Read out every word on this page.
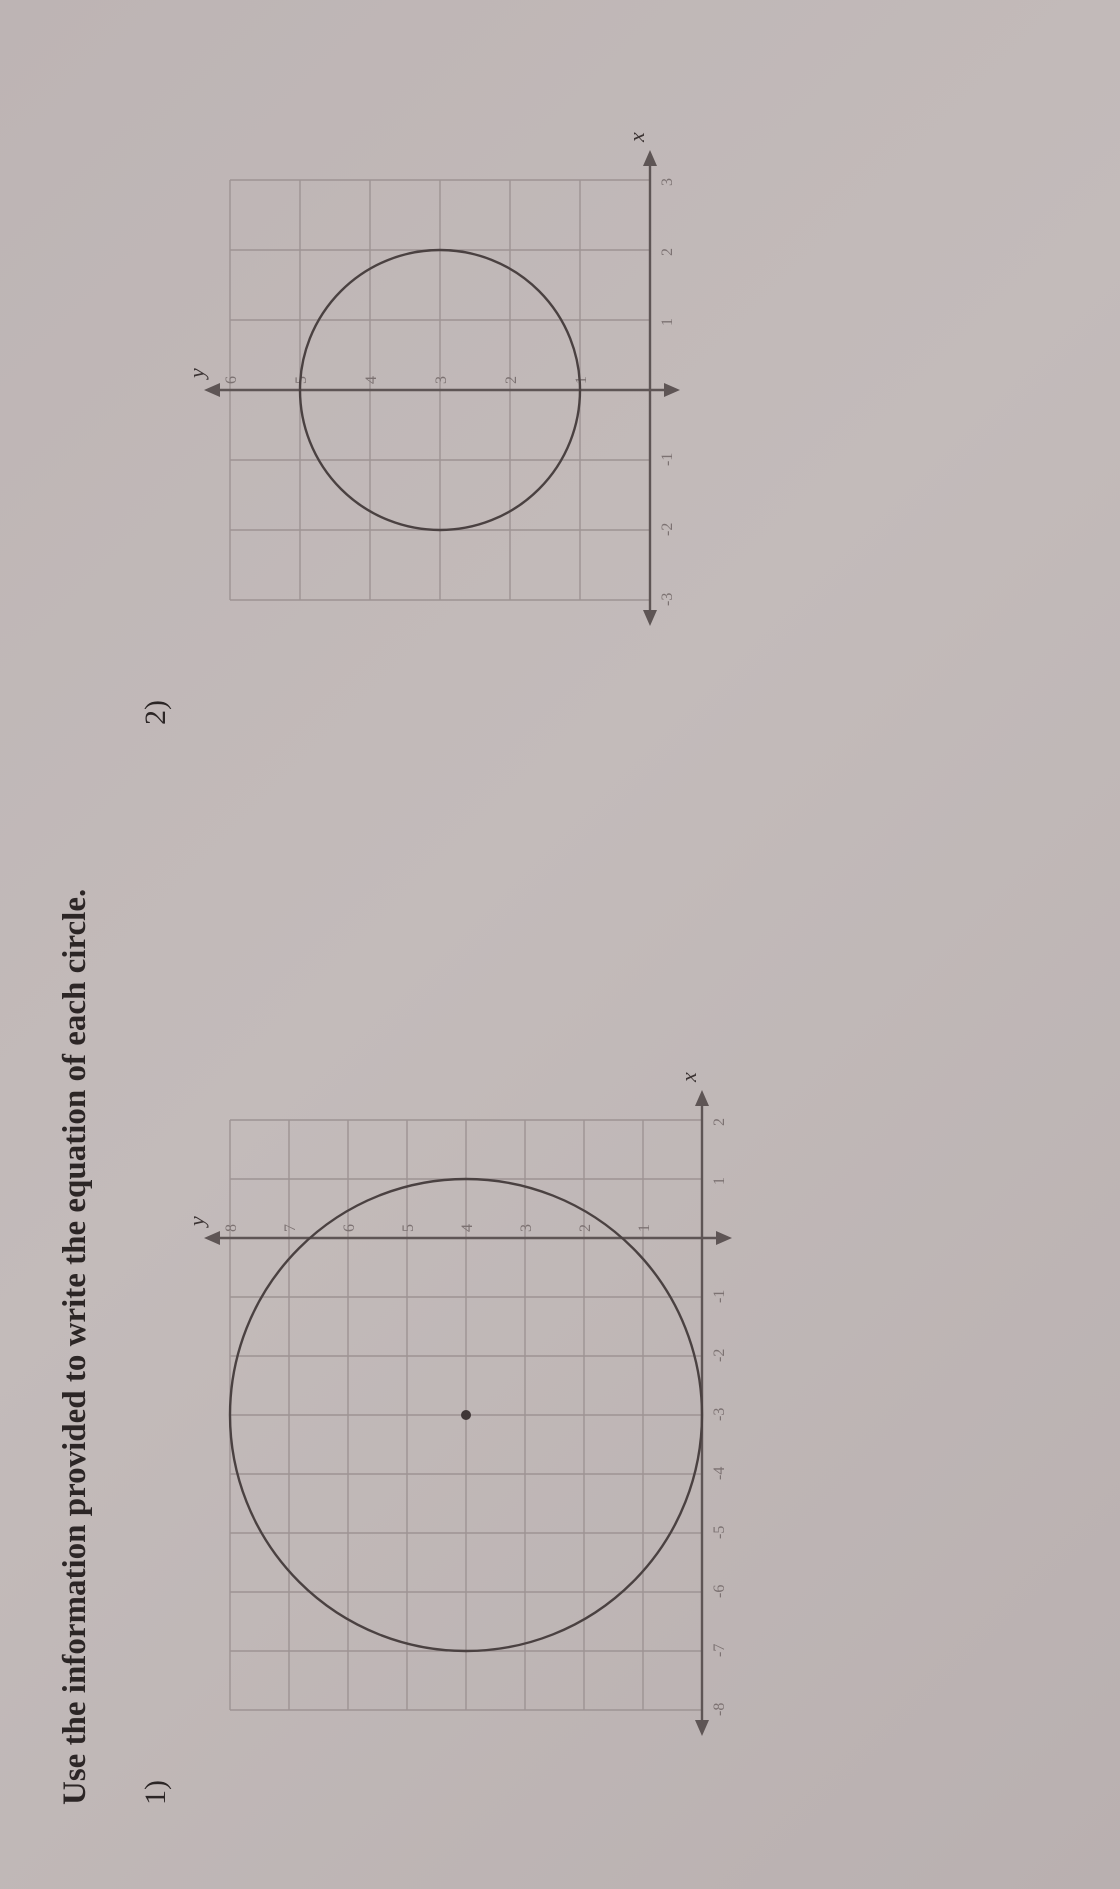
Use the information provided to write the equation of each circle. 1)
-8
-7
-6
-5
-4
-3
-2
-1
1
2
1
2
3
4
5
6
7
8
x
y
2)
-3
-2
-1
1
2
3
1
2
3
4
5
6
x
y
